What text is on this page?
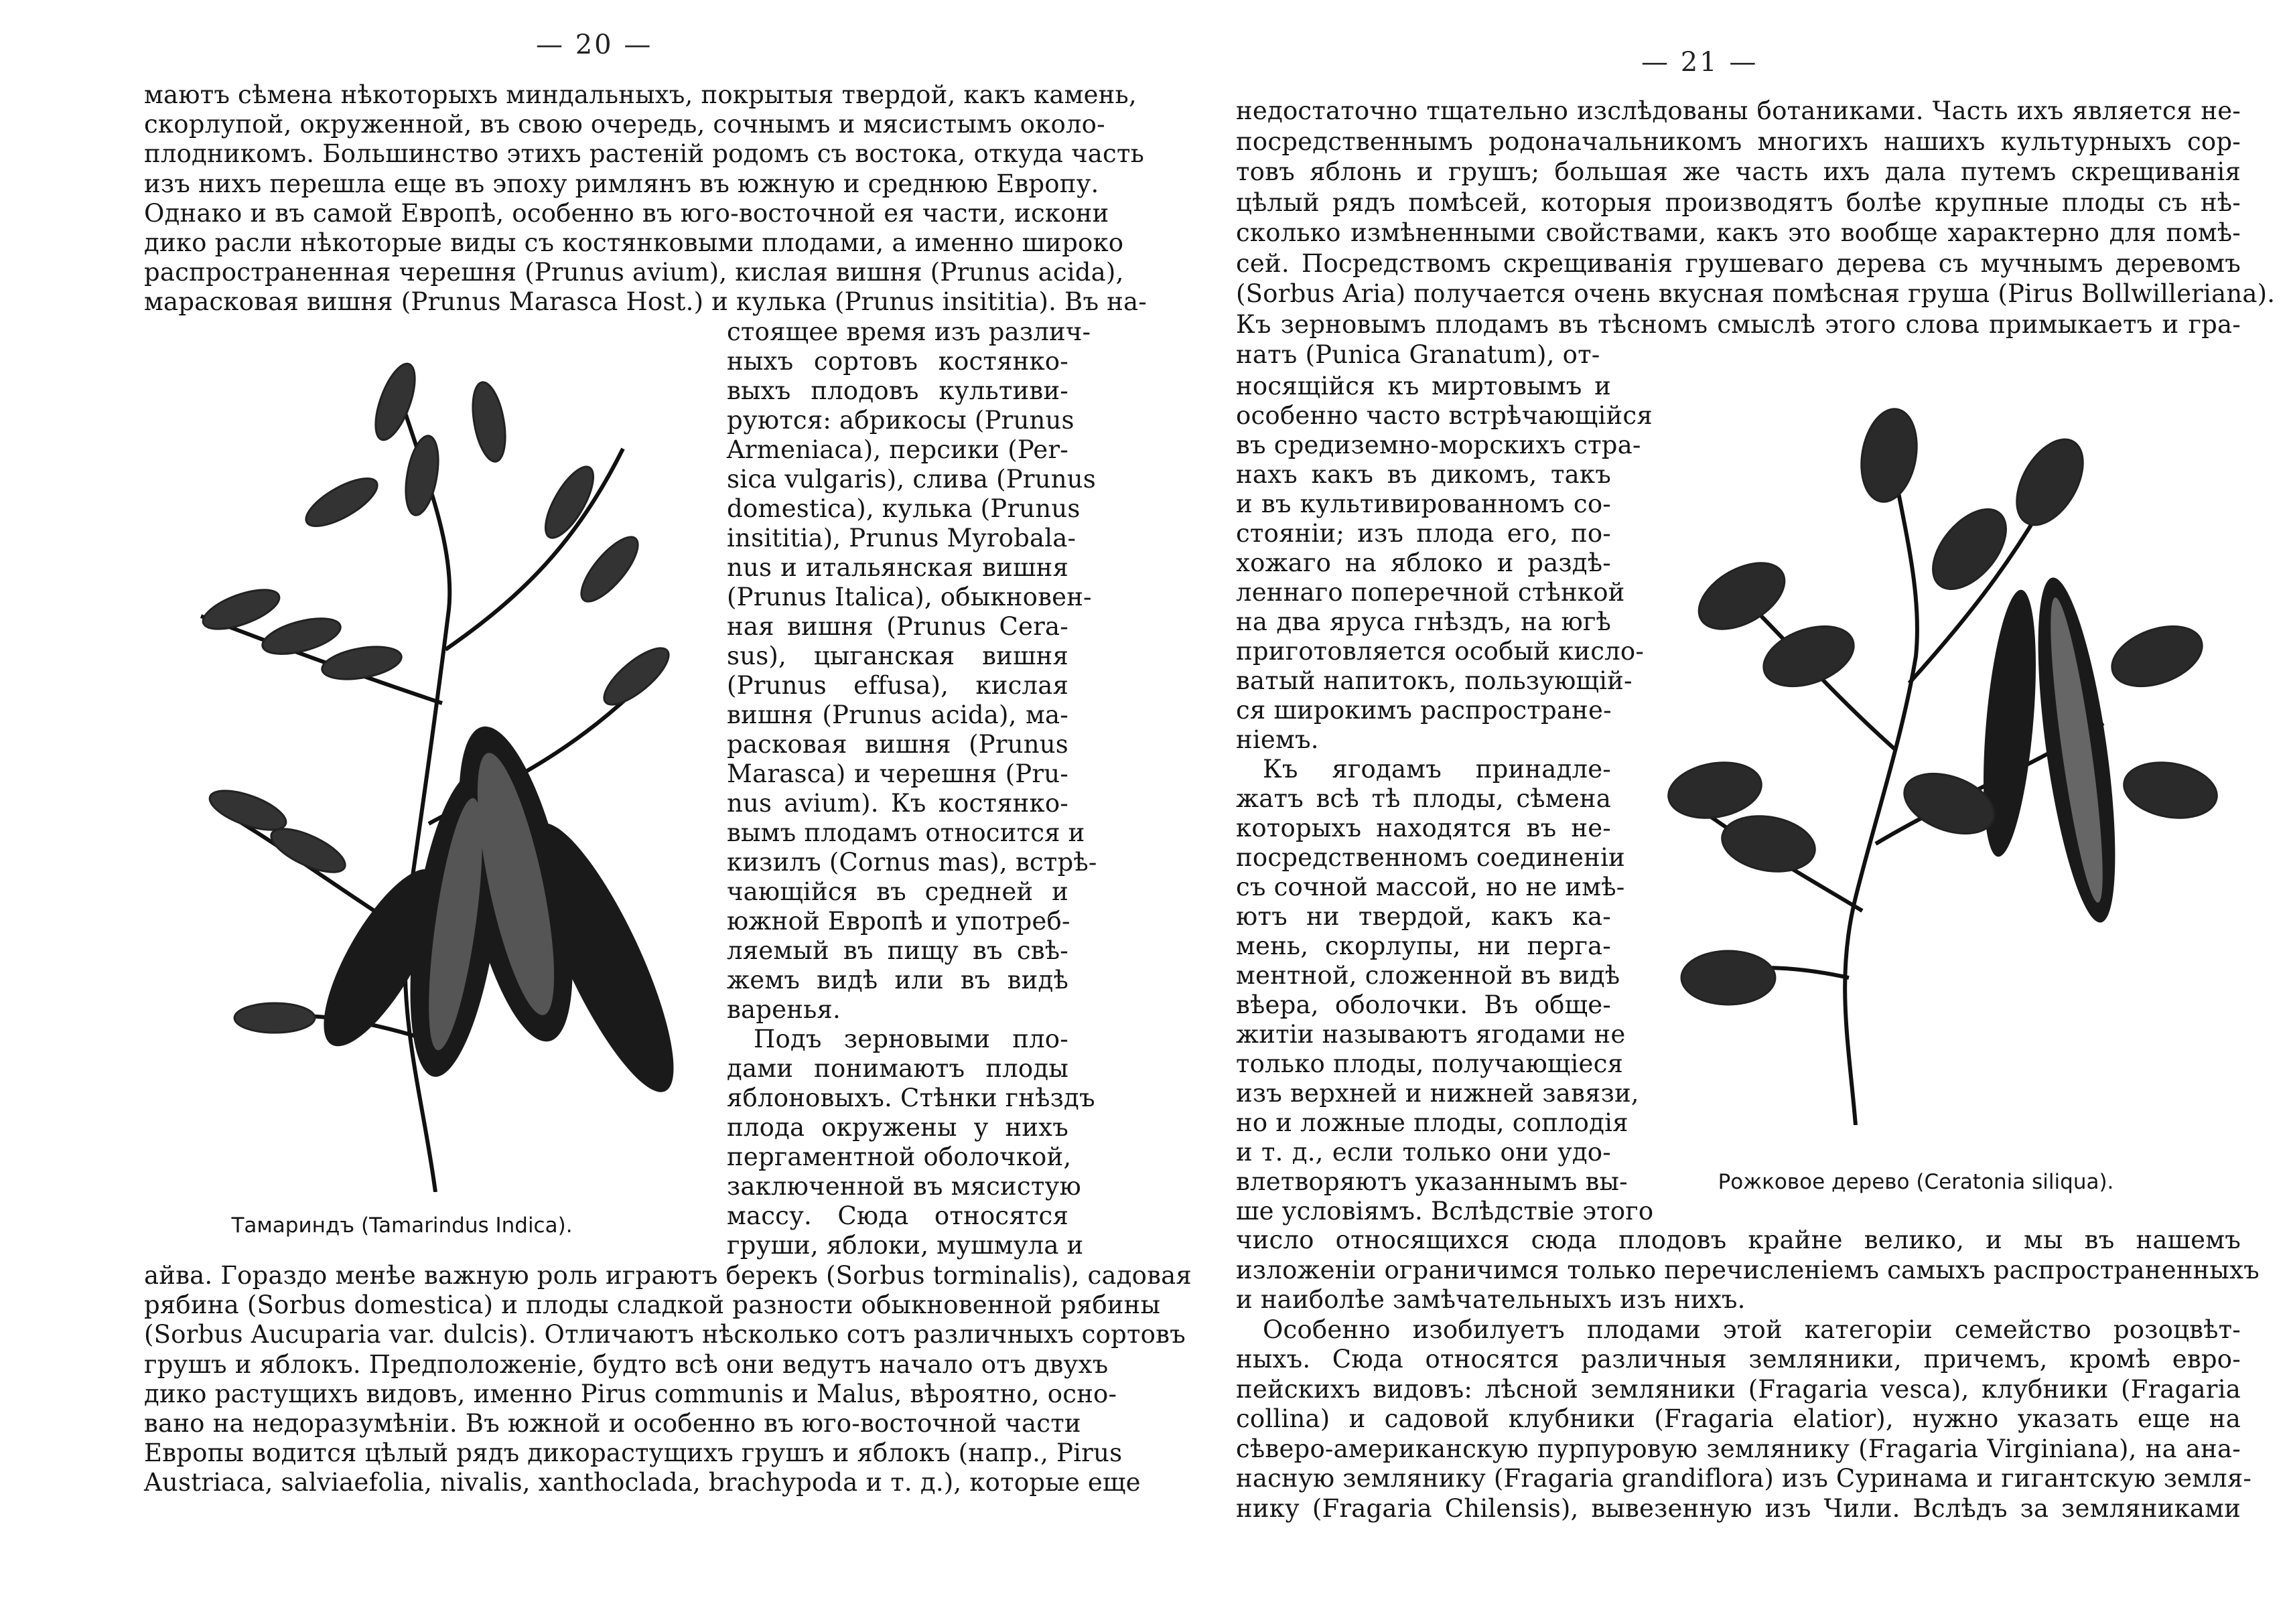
— 20 —
маютъ сѣмена нѣкоторыхъ миндальныхъ, покрытыя твердой, какъ камень,
скорлупой, окруженной, въ свою очередь, сочнымъ и мясистымъ около-
плодникомъ. Большинство этихъ растеній родомъ съ востока, откуда часть
изъ нихъ перешла еще въ эпоху римлянъ въ южную и среднюю Европу.
Однако и въ самой Европѣ, особенно въ юго-восточной ея части, искони
дико расли нѣкоторые виды съ костянковыми плодами, а именно широко
распространенная черешня (Prunus avium), кислая вишня (Prunus acida),
мараскoвая вишня (Prunus Marasca Host.) и кулька (Prunus insititia). Въ на-
Тамариндъ (Tamarindus Indica).
стоящее время изъ различ-
ныхъ сортовъ костянко-
выхъ плодовъ культиви-
руются: абрикосы (Prunus
Armeniaca), персики (Per-
sica vulgaris), слива (Prunus
domestica), кулька (Prunus
insititia), Prunus Myrobala-
nus и итальянская вишня
(Prunus Italica), обыкновен-
ная вишня (Prunus Cera-
sus), цыганская вишня
(Prunus effusa), кислая
вишня (Prunus acida), ма-
расковая вишня (Prunus
Marasca) и черешня (Pru-
nus avium). Къ костянко-
вымъ плодамъ относится и
кизилъ (Cornus mas), встрѣ-
чающійся въ средней и
южной Европѣ и употреб-
ляемый въ пищу въ свѣ-
жемъ видѣ или въ видѣ
варенья.
Подъ зерновыми пло-
дами понимаютъ плоды
яблоновыхъ. Стѣнки гнѣздъ
плода окружены у нихъ
пергаментной оболочкой,
заключенной въ мясистую
массу. Сюда относятся
груши, яблоки, мушмула и
айва. Гораздо менѣе важную роль играютъ берекъ (Sorbus torminalis), садовая
рябина (Sorbus domestica) и плоды сладкой разности обыкновенной рябины
(Sorbus Aucuparia var. dulcis). Отличаютъ нѣсколько сотъ различныхъ сортовъ
грушъ и яблокъ. Предположеніе, будто всѣ они ведутъ начало отъ двухъ
дико растущихъ видовъ, именно Pirus communis и Malus, вѣроятно, осно-
вано на недоразумѣніи. Въ южной и особенно въ юго-восточной части
Европы водится цѣлый рядъ дикорастущихъ грушъ и яблокъ (напр., Pirus
Austriaca, salviaefolia, nivalis, xanthoclada, brachypoda и т. д.), которые еще
— 21 —
недостаточно тщательно изслѣдованы ботаниками. Часть ихъ является не-
посредственнымъ родоначальникомъ многихъ нашихъ культурныхъ сор-
товъ яблонь и грушъ; большая же часть ихъ дала путемъ скрещиванія
цѣлый рядъ помѣсей, которыя производятъ болѣе крупные плоды съ нѣ-
сколько измѣненными свойствами, какъ это вообще характерно для помѣ-
сей. Посредствомъ скрещиванія грушеваго дерева съ мучнымъ деревомъ
(Sorbus Aria) получается очень вкусная помѣсная груша (Pirus Bollwilleriana).
Къ зерновымъ плодамъ въ тѣсномъ смыслѣ этого слова примыкаетъ и гра-
натъ (Punica Granatum), от-
Рожковое дерево (Ceratonia siliqua).
носящійся къ миртовымъ и
особенно часто встрѣчающійся
въ средиземно-морскихъ стра-
нахъ какъ въ дикомъ, такъ
и въ культивированномъ со-
стояніи; изъ плода его, по-
хожаго на яблоко и раздѣ-
леннаго поперечной стѣнкой
на два яруса гнѣздъ, на югѣ
приготовляется особый кисло-
ватый напитокъ, пользующій-
ся широкимъ распростране-
ніемъ.
Къ ягодамъ принадле-
жатъ всѣ тѣ плоды, сѣмена
которыхъ находятся въ не-
посредственномъ соединеніи
съ сочной массой, но не имѣ-
ютъ ни твердой, какъ ка-
мень, скорлупы, ни перга-
ментной, сложенной въ видѣ
вѣера, оболочки. Въ обще-
житіи называютъ ягодами не
только плоды, получающіеся
изъ верхней и нижней завязи,
но и ложные плоды, соплодія
и т. д., если только они удо-
влетворяютъ указаннымъ вы-
ше условіямъ. Вслѣдствіе этого
число относящихся сюда плодовъ крайне велико, и мы въ нашемъ
изложеніи ограничимся только перечисленіемъ самыхъ распространенныхъ
и наиболѣе замѣчательныхъ изъ нихъ.
Особенно изобилуетъ плодами этой категоріи семейство розоцвѣт-
ныхъ. Сюда относятся различныя земляники, причемъ, кромѣ евро-
пейскихъ видовъ: лѣсной земляники (Fragaria vesca), клубники (Fragaria
collina) и садовой клубники (Fragaria elatior), нужно указать еще на
сѣверо-американскую пурпуровую землянику (Fragaria Virginiana), на ана-
насную землянику (Fragaria grandiflora) изъ Суринама и гигантскую земля-
нику (Fragaria Chilensis), вывезенную изъ Чили. Вслѣдъ за земляниками
